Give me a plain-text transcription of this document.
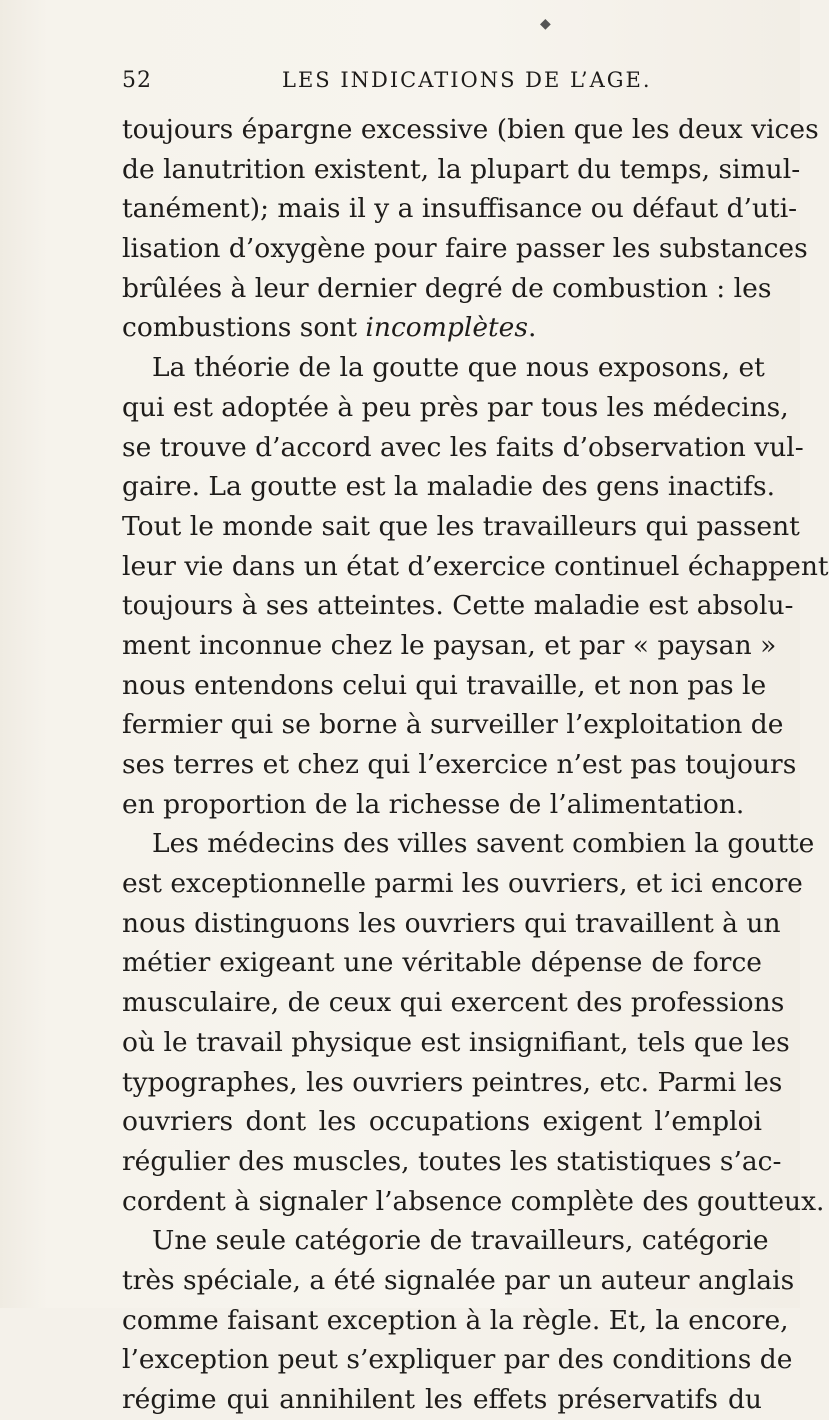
◆
52	LES INDICATIONS DE L’AGE.
toujours épargne excessive (bien que les deux vices
de lanutrition existent, la plupart du temps, simul-
tanément); mais il y a insuffisance ou défaut d’uti-
lisation d’oxygène pour faire passer les substances
brûlées à leur dernier degré de combustion : les
combustions sont incomplètes.
La théorie de la goutte que nous exposons, et
qui est adoptée à peu près par tous les médecins,
se trouve d’accord avec les faits d’observation vul-
gaire. La goutte est la maladie des gens inactifs.
Tout le monde sait que les travailleurs qui passent
leur vie dans un état d’exercice continuel échappent
toujours à ses atteintes. Cette maladie est absolu-
ment inconnue chez le paysan, et par « paysan »
nous entendons celui qui travaille, et non pas le
fermier qui se borne à surveiller l’exploitation de
ses terres et chez qui l’exercice n’est pas toujours
en proportion de la richesse de l’alimentation.
Les médecins des villes savent combien la goutte
est exceptionnelle parmi les ouvriers, et ici encore
nous distinguons les ouvriers qui travaillent à un
métier exigeant une véritable dépense de force
musculaire, de ceux qui exercent des professions
où le travail physique est insignifiant, tels que les
typographes, les ouvriers peintres, etc. Parmi les
ouvriers dont les occupations exigent l’emploi
régulier des muscles, toutes les statistiques s’ac-
cordent à signaler l’absence complète des goutteux.
Une seule catégorie de travailleurs, catégorie
très spéciale, a été signalée par un auteur anglais
comme faisant exception à la règle. Et, la encore,
l’exception peut s’expliquer par des conditions de
régime qui annihilent les effets préservatifs du
